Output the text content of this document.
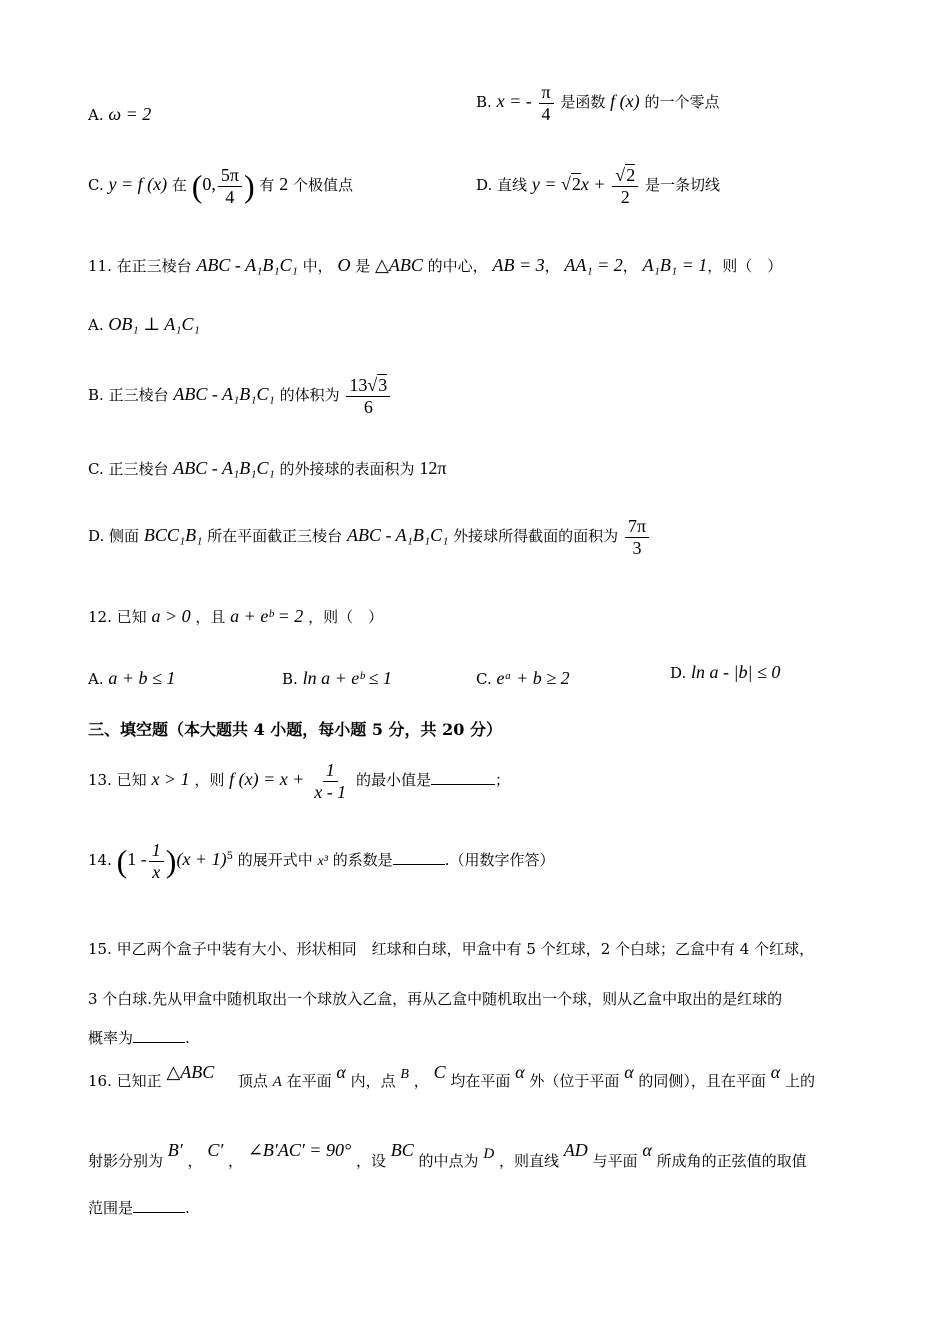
A. ω = 2
B. x = - $\frac{\pi}{4}$ 是函数 f (x) 的一个零点
C. y = f (x) 在 (0, $\frac{5\pi}{4}$ ) 有 2 个极值点	D. 直线 $y = √2x + \frac{√2}{2}$ 是一条切线
11. 在正三棱台 ABC - A₁B₁C₁ 中， O 是 △ABC 的中心， AB = 3， AA₁ = 2， A₁B₁ = 1，则（　）
A. OB₁ ⊥ A₁C₁
B. 正三棱台 ABC - A₁B₁C₁ 的体积为 $\frac{13√3}{6}$
C. 正三棱台 ABC - A₁B₁C₁ 的外接球的表面积为 12π
D. 侧面 BCC₁B₁ 所在平面截正三棱台 ABC - A₁B₁C₁ 外接球所得截面的面积为 $\frac{7\pi}{3}$
12. 已知 a > 0 ，且 a + eᵇ = 2 ，则（　）
A. a + b ≤ 1	B. ln a + eᵇ ≤ 1	C. eᵃ + b ≥ 2	D. ln a - |b| ≤ 0
三、填空题（本大题共 4 小题，每小题 5 分，共 20 分）
13. 已知 x > 1 ，则 f $(x) = x + \frac{1}{x - 1}$ 的最小值是	；
14. $(1 - \frac{1}{x} )(x + 1)^5$ 的展开式中 x³ 的系数是	.（用数字作答）
15. 甲乙两个盒子中装有大小、形状相同　红球和白球，甲盒中有 5 个红球，2 个白球；乙盒中有 4 个红球，
3 个白球.先从甲盒中随机取出一个球放入乙盒，再从乙盒中随机取出一个球，则从乙盒中取出的是红球的
概率为	.
16. 已知正 △ABC 顶点 A 在平面 α 内，点 B ， C 均在平面 α 外（位于平面 α 的同侧），且在平面 α 上的
射影分别为 B′ ， C′ ， ∠B′AC′ = 90° ，设 BC 的中点为 D ，则直线 AD 与平面 α 所成角的正弦值的取值
范围是	.
